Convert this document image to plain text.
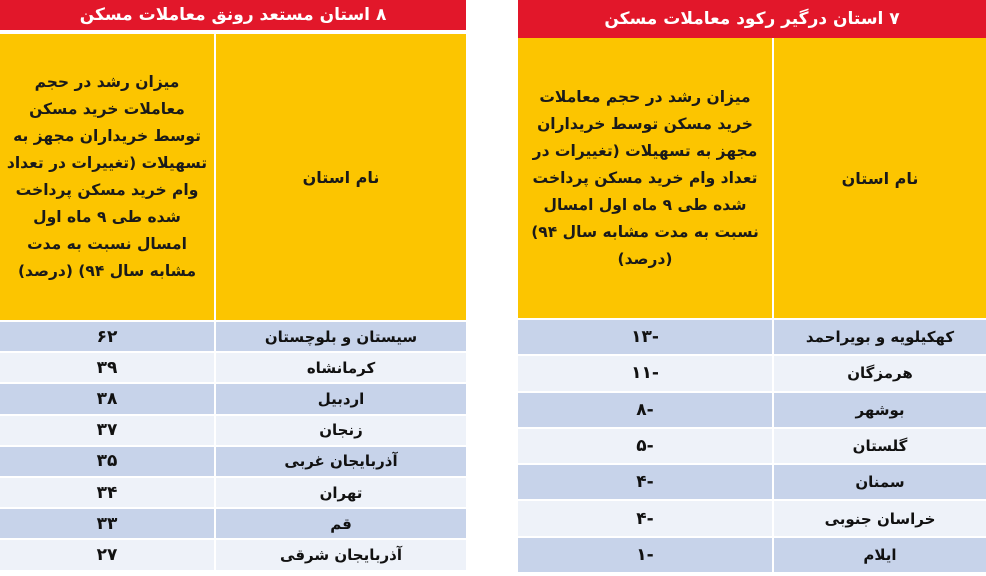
۸ استان مستعد رونق معاملات مسکن
نام استان
میزان رشد در حجم معاملات خرید مسکن توسط خریداران مجهز به تسهیلات (تغییرات در تعداد وام خرید مسکن پرداخت شده طی ۹ ماه اول امسال نسبت به مدت مشابه سال ۹۴) (درصد)
سیستان و بلوچستان
۶۲
کرمانشاه
۳۹
اردبیل
۳۸
زنجان
۳۷
آذربایجان غربی
۳۵
تهران
۳۴
قم
۳۳
آذربایجان شرقی
۲۷
۷ استان درگیر رکود معاملات مسکن
نام استان
میزان رشد در حجم معاملات خرید مسکن توسط خریداران مجهز به تسهیلات (تغییرات در تعداد وام خرید مسکن پرداخت شده طی ۹ ماه اول امسال نسبت به مدت مشابه سال ۹۴) (درصد)
کهکیلویه و بویراحمد
-۱۳
هرمزگان
-۱۱
بوشهر
-۸
گلستان
-۵
سمنان
-۴
خراسان جنوبی
-۴
ایلام
-۱
